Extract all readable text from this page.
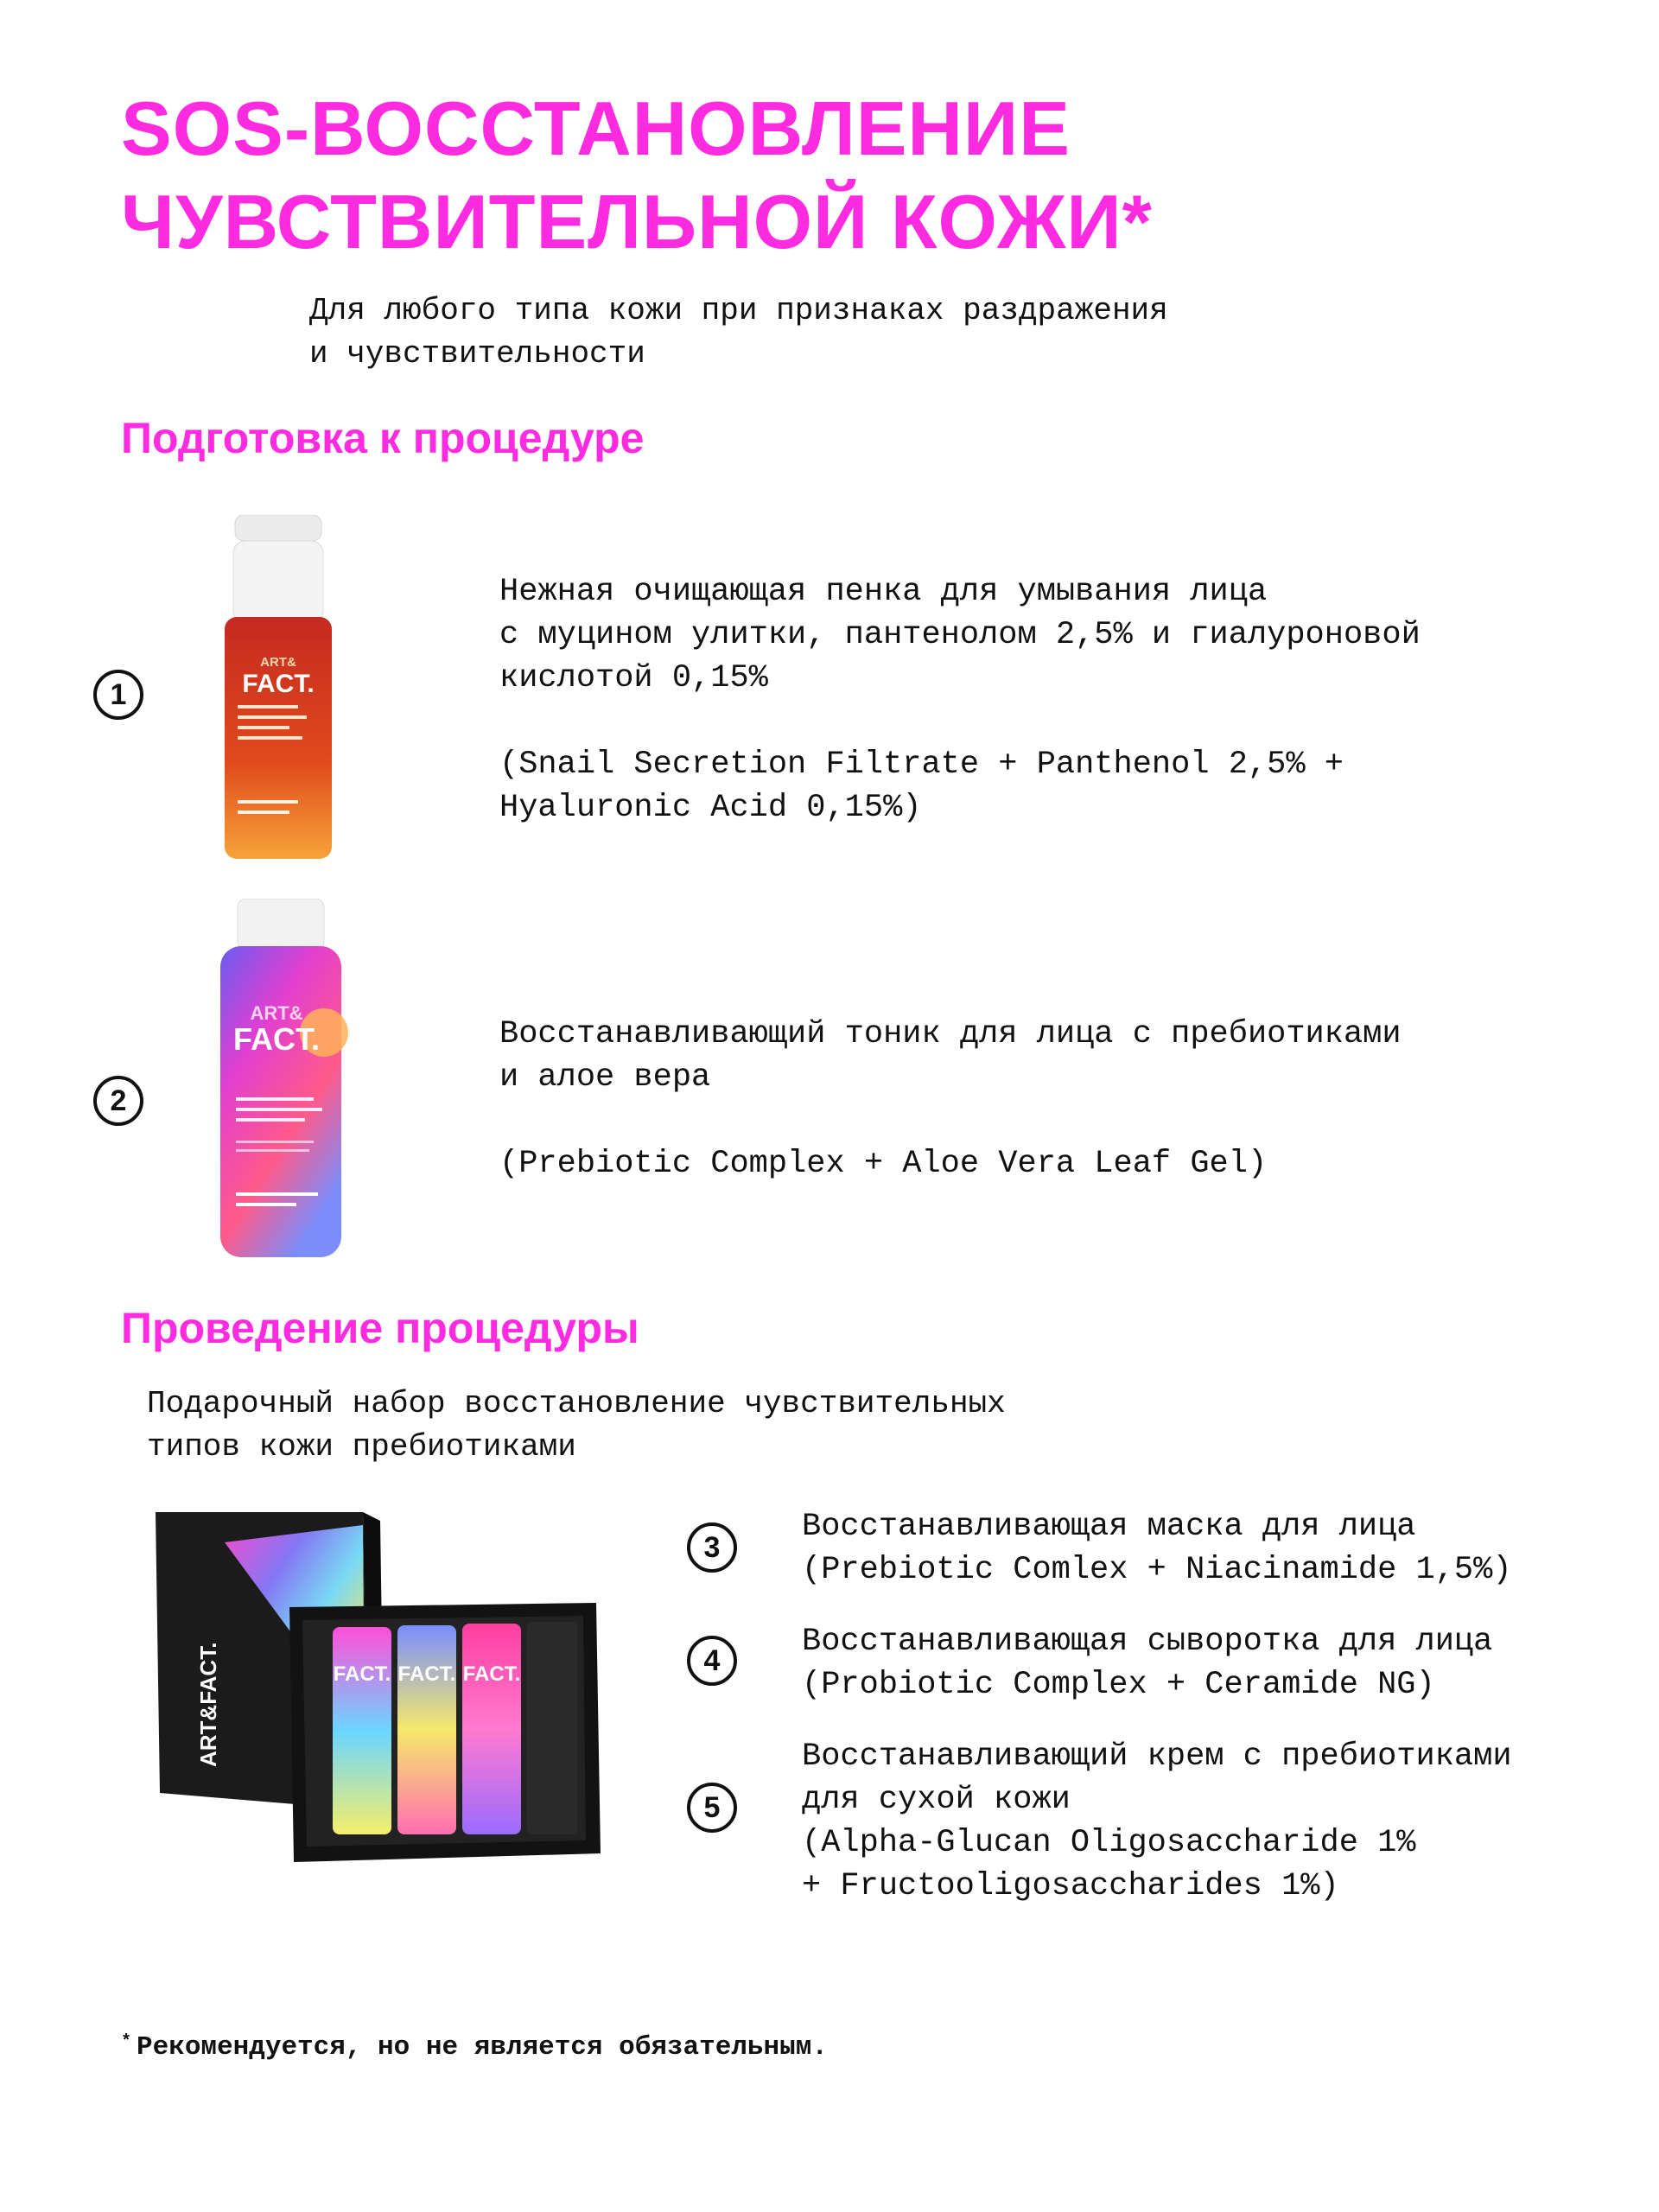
SOS-ВОССТАНОВЛЕНИЕ
ЧУВСТВИТЕЛЬНОЙ КОЖИ*
Для любого типа кожи при признаках раздражения
и чувствительности
Подготовка к процедуре
ART&
FACT.
1
Нежная очищающая пенка для умывания лица
с муцином улитки, пантенолом 2,5% и гиалуроновой
кислотой 0,15%

(Snail Secretion Filtrate + Panthenol 2,5% +
Hyaluronic Acid 0,15%)
ART&
FACT.
2
Восстанавливающий тоник для лица с пребиотиками
и алое вера

(Prebiotic Complex + Aloe Vera Leaf Gel)
Проведение процедуры
Подарочный набор восстановление чувствительных
типов кожи пребиотиками
ART&FACT.	FACT. FACT. FACT.
3
Восстанавливающая маска для лица
(Prebiotic Comlex + Niacinamide 1,5%)
4
Восстанавливающая сыворотка для лица
(Probiotic Complex + Ceramide NG)
5
Восстанавливающий крем с пребиотиками
для сухой кожи
(Alpha-Glucan Oligosaccharide 1%
+ Fructooligosaccharides 1%)
* Рекомендуется, но не является обязательным.
